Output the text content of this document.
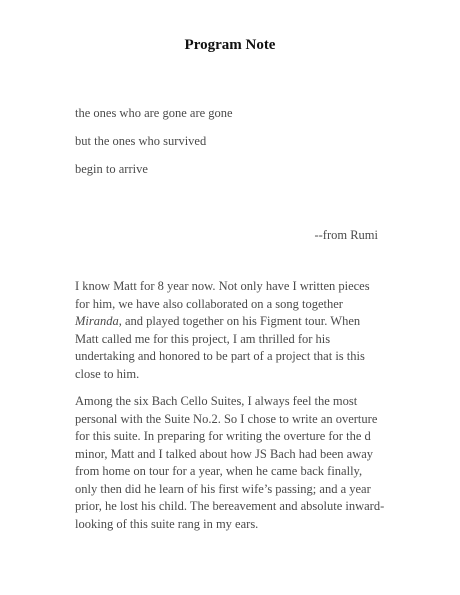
Program Note
the ones who are gone are gone
but the ones who survived
begin to arrive
--from Rumi

I know Matt for 8 year now. Not only have I written pieces for him, we have also collaborated on a song together Miranda, and played together on his Figment tour. When Matt called me for this project, I am thrilled for his undertaking and honored to be part of a project that is this close to him.

Among the six Bach Cello Suites, I always feel the most personal with the Suite No.2. So I chose to write an overture for this suite. In preparing for writing the overture for the d minor, Matt and I talked about how JS Bach had been away from home on tour for a year, when he came back finally, only then did he learn of his first wife’s passing; and a year prior, he lost his child. The bereavement and absolute inward-looking of this suite rang in my ears.
